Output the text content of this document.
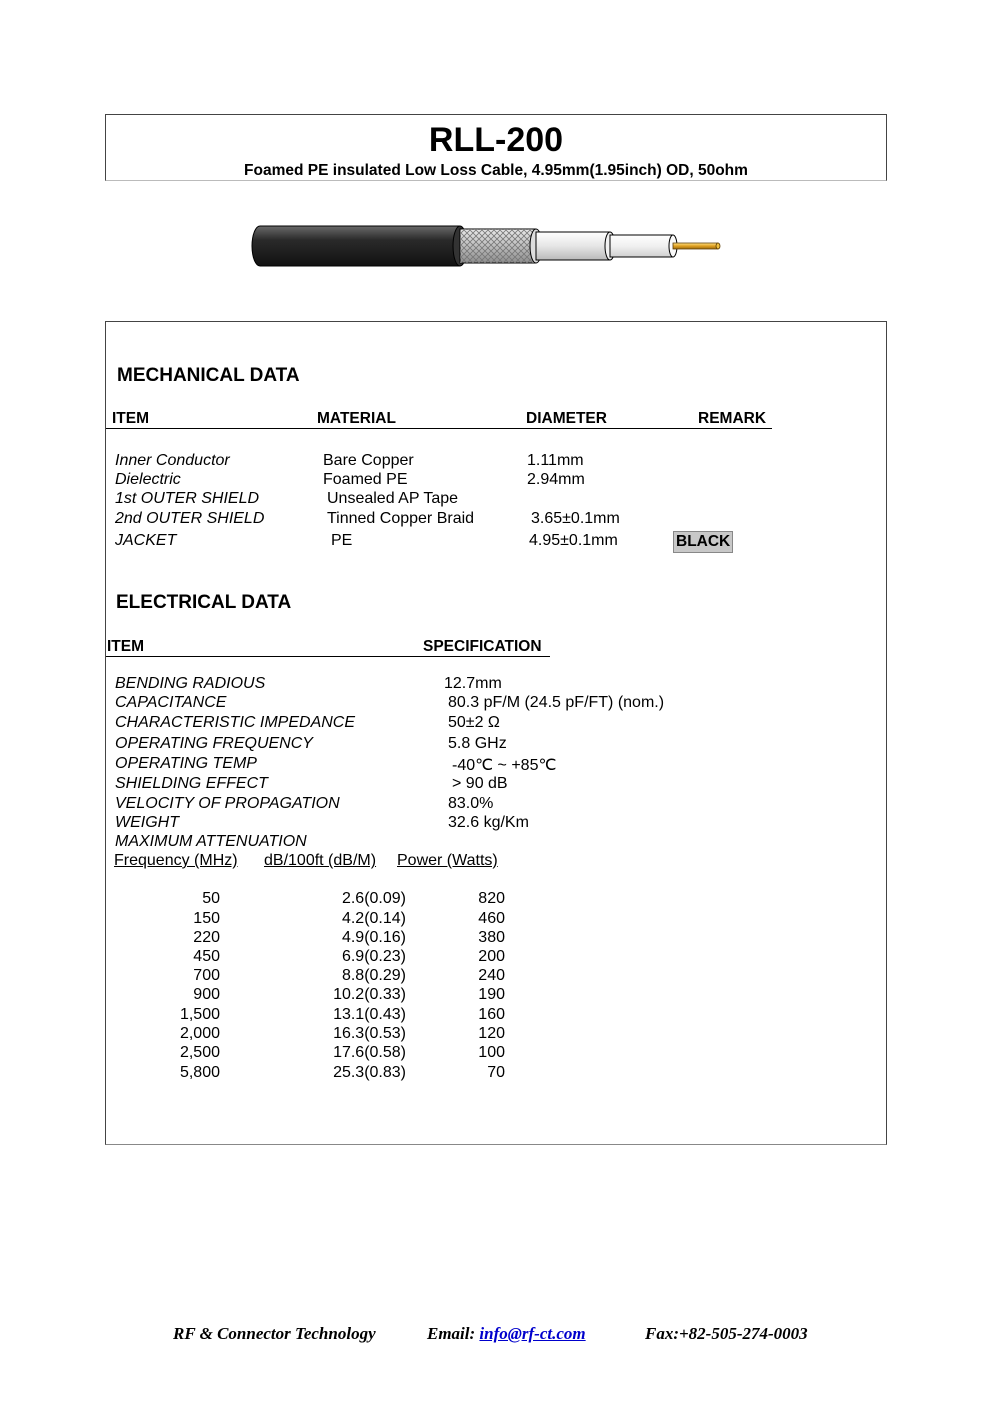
RLL-200
Foamed PE insulated Low Loss Cable, 4.95mm(1.95inch) OD, 50ohm
MECHANICAL DATA
ITEM	MATERIAL	DIAMETER	REMARK
Inner Conductor	Bare Copper	1.11mm
Dielectric	Foamed PE	2.94mm
1st OUTER SHIELD	Unsealed AP Tape
2nd OUTER SHIELD	Tinned Copper Braid	3.65±0.1mm
JACKET	PE	4.95±0.1mm	BLACK
ELECTRICAL DATA
ITEM	SPECIFICATION
BENDING RADIOUS	12.7mm
CAPACITANCE	80.3 pF/M (24.5 pF/FT) (nom.)
CHARACTERISTIC IMPEDANCE	50±2 Ω
OPERATING FREQUENCY	5.8 GHz
OPERATING TEMP	-40℃ ~ +85℃
SHIELDING EFFECT	> 90 dB
VELOCITY OF PROPAGATION	83.0%
WEIGHT	32.6 kg/Km
MAXIMUM ATTENUATION
Frequency (MHz) dB/100ft (dB/M) Power (Watts)
50	2.6(0.09)	820
150	4.2(0.14)	460
220	4.9(0.16)	380
450	6.9(0.23)	200
700	8.8(0.29)	240
900	10.2(0.33)	190
1,500	13.1(0.43)	160
2,000	16.3(0.53)	120
2,500	17.6(0.58)	100
5,800	25.3(0.83)	70
RF & Connector Technology	Email: info@rf-ct.com	Fax:+82-505-274-0003
